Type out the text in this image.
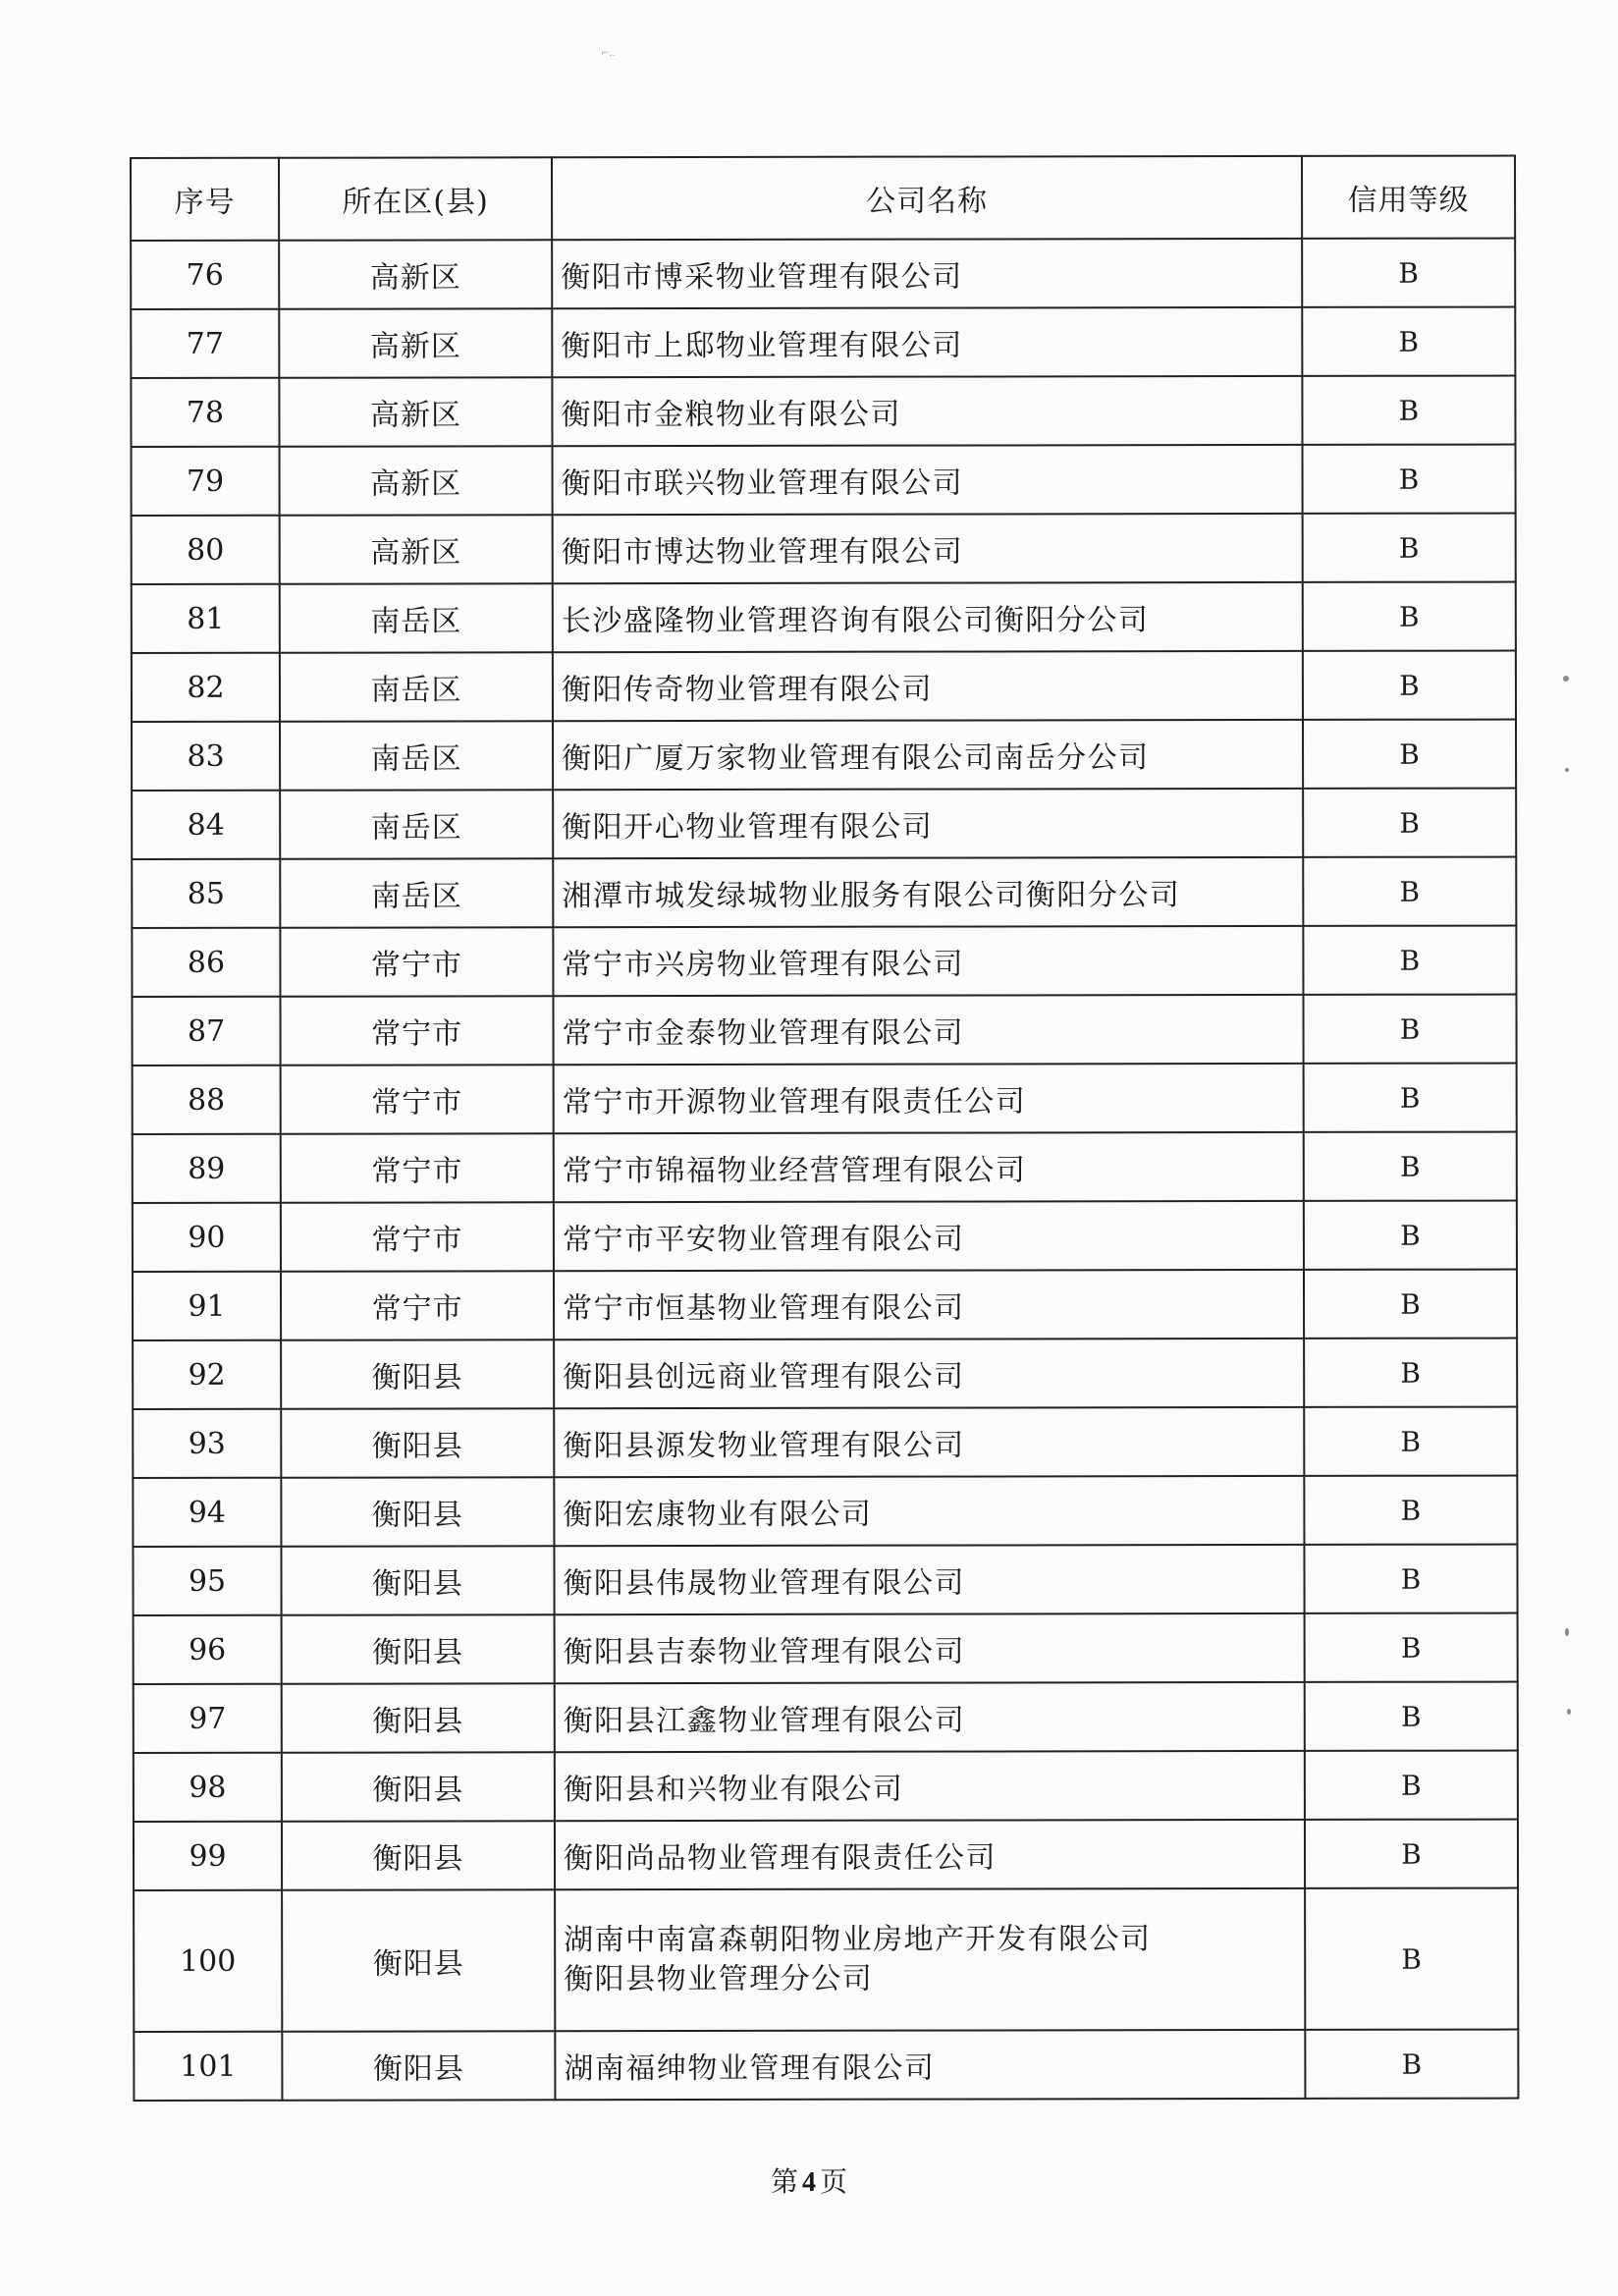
⌐‥
序号	所在区(县)	公司名称	信用等级
76	高新区	衡阳市博采物业管理有限公司	B
77	高新区	衡阳市上邸物业管理有限公司	B
78	高新区	衡阳市金粮物业有限公司	B
79	高新区	衡阳市联兴物业管理有限公司	B
80	高新区	衡阳市博达物业管理有限公司	B
81	南岳区	长沙盛隆物业管理咨询有限公司衡阳分公司	B
82	南岳区	衡阳传奇物业管理有限公司	B
83	南岳区	衡阳广厦万家物业管理有限公司南岳分公司	B
84	南岳区	衡阳开心物业管理有限公司	B
85	南岳区	湘潭市城发绿城物业服务有限公司衡阳分公司	B
86	常宁市	常宁市兴房物业管理有限公司	B
87	常宁市	常宁市金泰物业管理有限公司	B
88	常宁市	常宁市开源物业管理有限责任公司	B
89	常宁市	常宁市锦福物业经营管理有限公司	B
90	常宁市	常宁市平安物业管理有限公司	B
91	常宁市	常宁市恒基物业管理有限公司	B
92	衡阳县	衡阳县创远商业管理有限公司	B
93	衡阳县	衡阳县源发物业管理有限公司	B
94	衡阳县	衡阳宏康物业有限公司	B
95	衡阳县	衡阳县伟晟物业管理有限公司	B
96	衡阳县	衡阳县吉泰物业管理有限公司	B
97	衡阳县	衡阳县江鑫物业管理有限公司	B
98	衡阳县	衡阳县和兴物业有限公司	B
99	衡阳县	衡阳尚品物业管理有限责任公司	B
100	衡阳县	湖南中南富森朝阳物业房地产开发有限公司
衡阳县物业管理分公司	B
101	衡阳县	湖南福绅物业管理有限公司	B
第 4 页
